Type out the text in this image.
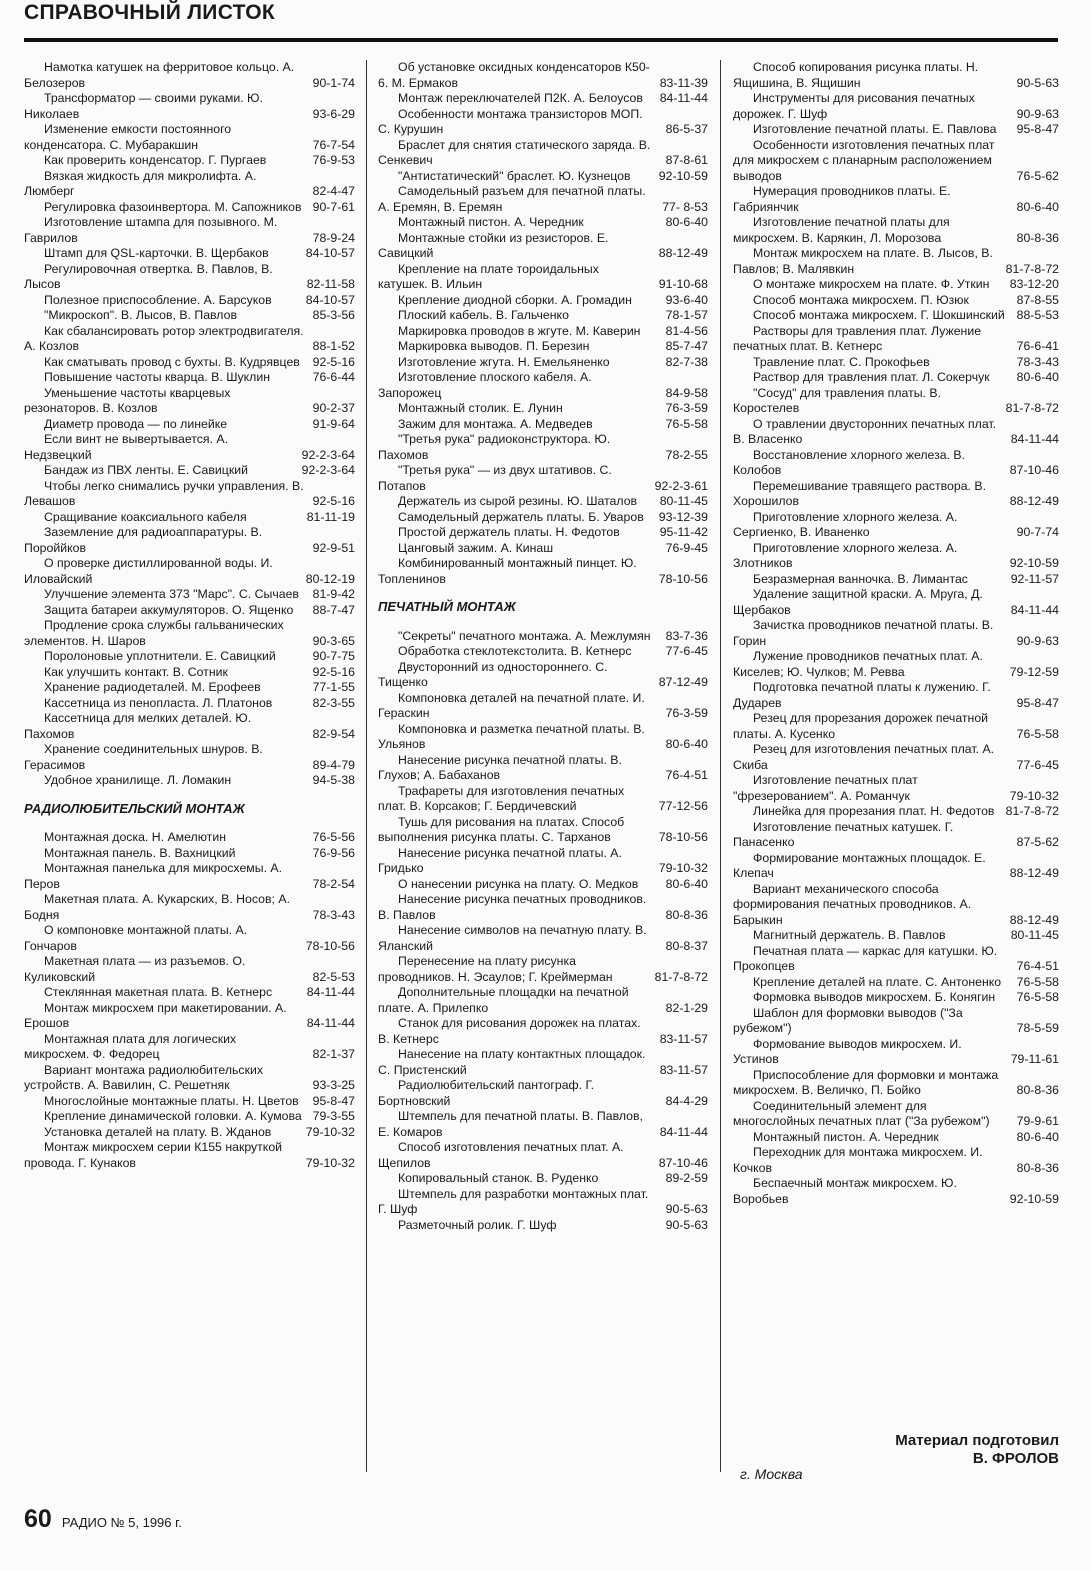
СПРАВОЧНЫЙ ЛИСТОК
Намотка катушек на ферритовое кольцо. А. Белозеров	90-1-74
Трансформатор — своими руками. Ю. Николаев	93-6-29
Изменение емкости постоянного конденсатора. С. Мубаракшин	76-7-54
Как проверить конденсатор. Г. Пургаев	76-9-53
Вязкая жидкость для микролифта. А. Люмберг	82-4-47
Регулировка фазоинвертора. М. Сапожников 90-7-61
Изготовление штампа для позывного. М. Гаврилов	78-9-24
Штамп для QSL-карточки. В. Щербаков	84-10-57
Регулировочная отвертка. В. Павлов, В. Лысов	82-11-58
Полезное приспособление. А. Барсуков	84-10-57
"Микроскоп". В. Лысов, В. Павлов	85-3-56
Как сбалансировать ротор электродвигателя. А. Козлов	88-1-52
Как сматывать провод с бухты. В. Кудрявцев	92-5-16
Повышение частоты кварца. В. Шуклин	76-6-44
Уменьшение частоты кварцевых резонаторов. В. Козлов	90-2-37
Диаметр провода — по линейке	91-9-64
Если винт не вывертывается. А. Недзвецкий	92-2-3-64
Бандаж из ПВХ ленты. Е. Савицкий	92-2-3-64
Чтобы легко снимались ручки управления. В. Левашов	92-5-16
Сращивание коаксиального кабеля	81-11-19
Заземление для радиоаппаратуры. В. Пороййков	92-9-51
О проверке дистиллированной воды. И. Иловайский	80-12-19
Улучшение элемента 373 "Марс". С. Сычаев	81-9-42
Защита батареи аккумуляторов. О. Ященко	88-7-47
Продление срока службы гальванических элементов. Н. Шаров	90-3-65
Поролоновые уплотнители. Е. Савицкий	90-7-75
Как улучшить контакт. В. Сотник	92-5-16
Хранение радиодеталей. М. Ерофеев	77-1-55
Кассетница из пенопласта. Л. Платонов	82-3-55
Кассетница для мелких деталей. Ю. Пахомов	82-9-54
Хранение соединительных шнуров. В. Герасимов	89-4-79
Удобное хранилище. Л. Ломакин	94-5-38
РАДИОЛЮБИТЕЛЬСКИЙ МОНТАЖ
Монтажная доска. Н. Амелютин	76-5-56
Монтажная панель. В. Вахницкий	76-9-56
Монтажная панелька для микросхемы. А. Перов	78-2-54
Макетная плата. А. Кукарских, В. Носов; А. Бодня	78-3-43
О компоновке монтажной платы. А. Гончаров	78-10-56
Макетная плата — из разъемов. О. Куликовский	82-5-53
Стеклянная макетная плата. В. Кетнерс	84-11-44
Монтаж микросхем при макетировании. А. Ерошов	84-11-44
Монтажная плата для логических микросхем. Ф. Федорец	82-1-37
Вариант монтажа радиолюбительских устройств. А. Вавилин, С. Решетняк	93-3-25
Многослойные монтажные платы. Н. Цветов	95-8-47
Крепление динамической головки. А. Кумова 79-3-55
Установка деталей на плату. В. Жданов	79-10-32
Монтаж микросхем серии К155 накруткой провода. Г. Кунаков	79-10-32
Об установке оксидных конденсаторов К50-6. М. Ермаков	83-11-39
Монтаж переключателей П2К. А. Белоусов	84-11-44
Особенности монтажа транзисторов МОП. С. Курушин	86-5-37
Браслет для снятия статического заряда. В. Сенкевич	87-8-61
"Антистатический" браслет. Ю. Кузнецов	92-10-59
Самодельный разъем для печатной платы. А. Еремян, В. Еремян	77- 8-53
Монтажный пистон. А. Чередник	80-6-40
Монтажные стойки из резисторов. Е. Савицкий	88-12-49
Крепление на плате тороидальных катушек. В. Ильин	91-10-68
Крепление диодной сборки. А. Громадин	93-6-40
Плоский кабель. В. Гальченко	78-1-57
Маркировка проводов в жгуте. М. Каверин	81-4-56
Маркировка выводов. П. Березин	85-7-47
Изготовление жгута. Н. Емельяненко	82-7-38
Изготовление плоского кабеля. А. Запорожец	84-9-58
Монтажный столик. Е. Лунин	76-3-59
Зажим для монтажа. А. Медведев	76-5-58
"Третья рука" радиоконструктора. Ю. Пахомов	78-2-55
"Третья рука" — из двух штативов. С. Потапов	92-2-3-61
Держатель из сырой резины. Ю. Шаталов	80-11-45
Самодельный держатель платы. Б. Уваров	93-12-39
Простой держатель платы. Н. Федотов	95-11-42
Цанговый зажим. А. Кинаш	76-9-45
Комбинированный монтажный пинцет. Ю. Топленинов	78-10-56
ПЕЧАТНЫЙ МОНТАЖ
"Секреты" печатного монтажа. А. Межлумян	83-7-36
Обработка стеклотекстолита. В. Кетнерс	77-6-45
Двусторонний из одностороннего. С. Тищенко	87-12-49
Компоновка деталей на печатной плате. И. Гераскин	76-3-59
Компоновка и разметка печатной платы. В. Ульянов	80-6-40
Нанесение рисунка печатной платы. В. Глухов; А. Бабаханов	76-4-51
Трафареты для изготовления печатных плат. В. Корсаков; Г. Бердичевский	77-12-56
Тушь для рисования на платах. Способ выполнения рисунка платы. С. Тарханов	78-10-56
Нанесение рисунка печатной платы. А. Гридько	79-10-32
О нанесении рисунка на плату. О. Медков	80-6-40
Нанесение рисунка печатных проводников. В. Павлов	80-8-36
Нанесение символов на печатную плату. В. Яланский	80-8-37
Перенесение на плату рисунка проводников. Н. Эсаулов; Г. Креймерман	81-7-8-72
Дополнительные площадки на печатной плате. А. Прилепко	82-1-29
Станок для рисования дорожек на платах. В. Кетнерс	83-11-57
Нанесение на плату контактных площадок. С. Пристенский	83-11-57
Радиолюбительский пантограф. Г. Бортновский	84-4-29
Штемпель для печатной платы. В. Павлов, Е. Комаров	84-11-44
Способ изготовления печатных плат. А. Щепилов	87-10-46
Копировальный станок. В. Руденко	89-2-59
Штемпель для разработки монтажных плат. Г. Шуф	90-5-63
Разметочный ролик. Г. Шуф	90-5-63
Способ копирования рисунка платы. Н. Ящишина, В. Ящишин	90-5-63
Инструменты для рисования печатных дорожек. Г. Шуф	90-9-63
Изготовление печатной платы. Е. Павлова	95-8-47
Особенности изготовления печатных плат для микросхем с планарным расположением выводов	76-5-62
Нумерация проводников платы. Е. Габриянчик	80-6-40
Изготовление печатной платы для микросхем. В. Карякин, Л. Морозова	80-8-36
Монтаж микросхем на плате. В. Лысов, В. Павлов; В. Малявкин	81-7-8-72
О монтаже микросхем на плате. Ф. Уткин	83-12-20
Способ монтажа микросхем. П. Юзюк	87-8-55
Способ монтажа микросхем. Г. Шокшинский 88-5-53
Растворы для травления плат. Лужение печатных плат. В. Кетнерс	76-6-41
Травление плат. С. Прокофьев	78-3-43
Раствор для травления плат. Л. Сокерчук	80-6-40
"Сосуд" для травления платы. В. Коростелев	81-7-8-72
О травлении двусторонних печатных плат. В. Власенко	84-11-44
Восстановление хлорного железа. В. Колобов	87-10-46
Перемешивание травящего раствора. В. Хорошилов	88-12-49
Приготовление хлорного железа. А. Сергиенко, В. Иваненко	90-7-74
Приготовление хлорного железа. А. Злотников	92-10-59
Безразмерная ванночка. В. Лимантас	92-11-57
Удаление защитной краски. А. Мруга, Д. Щербаков	84-11-44
Зачистка проводников печатной платы. В. Горин	90-9-63
Лужение проводников печатных плат. А. Киселев; Ю. Чулков; М. Ревва	79-12-59
Подготовка печатной платы к лужению. Г. Дударев	95-8-47
Резец для прорезания дорожек печатной платы. А. Кусенко	76-5-58
Резец для изготовления печатных плат. А. Скиба	77-6-45
Изготовление печатных плат "фрезерованием". А. Романчук	79-10-32
Линейка для прорезания плат. Н. Федотов 81-7-8-72
Изготовление печатных катушек. Г. Панасенко	87-5-62
Формирование монтажных площадок. Е. Клепач	88-12-49
Вариант механического способа формирования печатных проводников. А. Барыкин	88-12-49
Магнитный держатель. В. Павлов	80-11-45
Печатная плата — каркас для катушки. Ю. Прокопцев	76-4-51
Крепление деталей на плате. С. Антоненко	76-5-58
Формовка выводов микросхем. Б. Конягин	76-5-58
Шаблон для формовки выводов ("За рубежом")	78-5-59
Формование выводов микросхем. И. Устинов	79-11-61
Приспособление для формовки и монтажа микросхем. В. Величко, П. Бойко	80-8-36
Соединительный элемент для многослойных печатных плат ("За рубежом")	79-9-61
Монтажный пистон. А. Чередник	80-6-40
Переходник для монтажа микросхем. И. Кочков	80-8-36
Беспаечный монтаж микросхем. Ю. Воробьев	92-10-59
Материал подготовил
В. ФРОЛОВ
г. Москва
60 РАДИО № 5, 1996 г.
